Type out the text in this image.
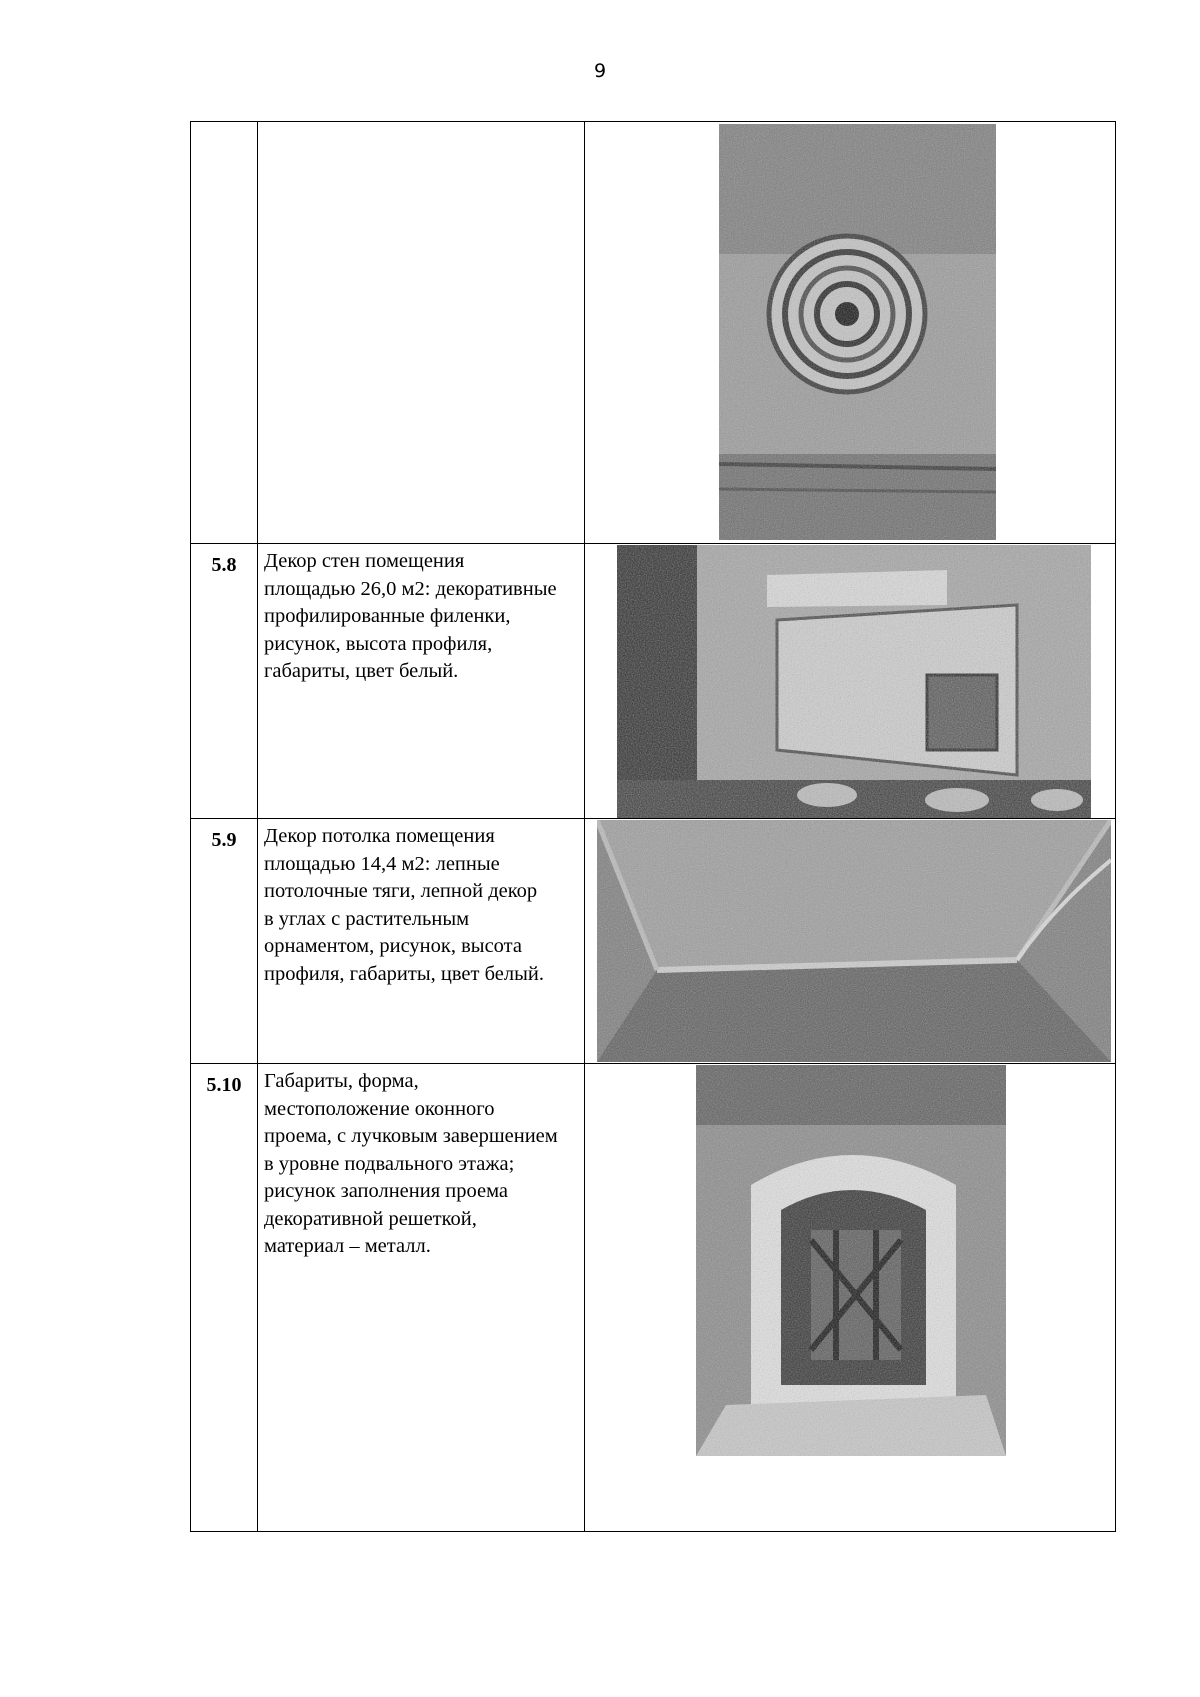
9
5.8	Декор стен помещения
площадью 26,0 м2: декоративные
профилированные филенки,
рисунок, высота профиля,
габариты, цвет белый.
5.9	Декор потолка помещения
площадью 14,4 м2: лепные
потолочные тяги, лепной декор
в углах с растительным
орнаментом, рисунок, высота
профиля, габариты, цвет белый.
5.10	Габариты, форма,
местоположение оконного
проема, с лучковым завершением
в уровне подвального этажа;
рисунок заполнения проема
декоративной решеткой,
материал – металл.
